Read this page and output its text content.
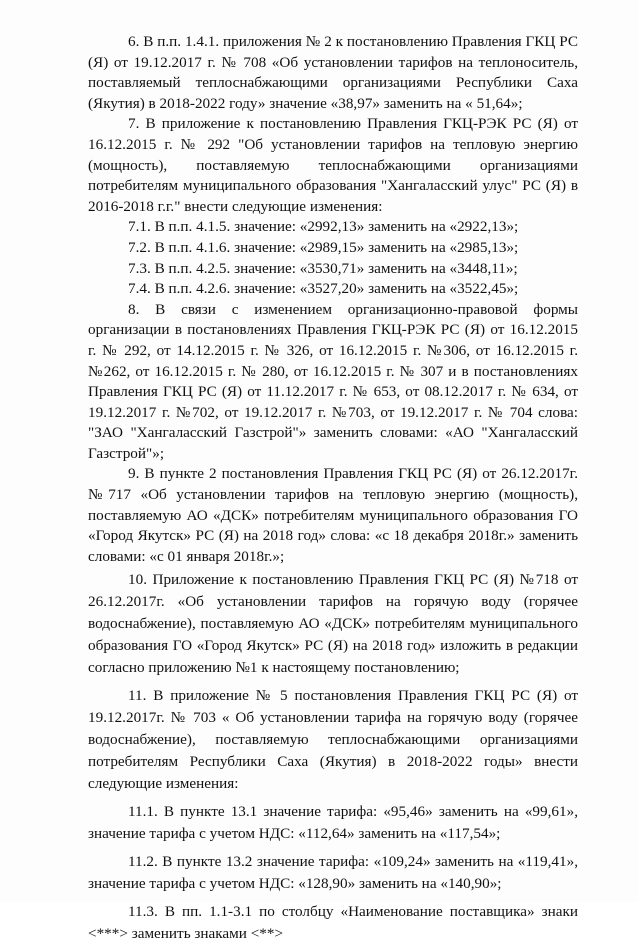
6. В п.п. 1.4.1. приложения № 2 к постановлению Правления ГКЦ РС (Я) от 19.12.2017 г. № 708 «Об установлении тарифов на теплоноситель, поставляемый теплоснабжающими организациями Республики Саха (Якутия) в 2018-2022 году» значение «38,97» заменить на « 51,64»;

7. В приложение к постановлению Правления ГКЦ-РЭК РС (Я) от 16.12.2015 г. № 292 "Об установлении тарифов на тепловую энергию (мощность), поставляемую теплоснабжающими организациями потребителям муниципального образования "Хангаласский улус" РС (Я) в 2016-2018 г.г." внести следующие изменения:

7.1. В п.п. 4.1.5. значение: «2992,13» заменить на «2922,13»;

7.2. В п.п. 4.1.6. значение: «2989,15» заменить на «2985,13»;

7.3. В п.п. 4.2.5. значение: «3530,71» заменить на «3448,11»;

7.4. В п.п. 4.2.6. значение: «3527,20» заменить на «3522,45»;

8. В связи с изменением организационно-правовой формы организации в постановлениях Правления ГКЦ-РЭК РС (Я) от 16.12.2015 г. № 292, от 14.12.2015 г. № 326, от 16.12.2015 г. №306, от 16.12.2015 г. №262, от 16.12.2015 г. № 280, от 16.12.2015 г. № 307 и в постановлениях Правления ГКЦ РС (Я) от 11.12.2017 г. № 653, от 08.12.2017 г. № 634, от 19.12.2017 г. №702, от 19.12.2017 г. №703, от 19.12.2017 г. № 704 слова: "ЗАО "Хангаласский Газстрой"» заменить словами: «АО "Хангаласский Газстрой"»;

9. В пункте 2 постановления Правления ГКЦ РС (Я) от 26.12.2017г. №717 «Об установлении тарифов на тепловую энергию (мощность), поставляемую АО «ДСК» потребителям муниципального образования ГО «Город Якутск» РС (Я) на 2018 год» слова: «с 18 декабря 2018г.» заменить словами: «с 01 января 2018г.»;

10. Приложение к постановлению Правления ГКЦ РС (Я) №718 от 26.12.2017г. «Об установлении тарифов на горячую воду (горячее водоснабжение), поставляемую АО «ДСК» потребителям муниципального образования ГО «Город Якутск» РС (Я) на 2018 год» изложить в редакции согласно приложению №1 к настоящему постановлению;

11. В приложение № 5 постановления Правления ГКЦ РС (Я) от 19.12.2017г. № 703 « Об установлении тарифа на горячую воду (горячее водоснабжение), поставляемую теплоснабжающими организациями потребителям Республики Саха (Якутия) в 2018-2022 годы» внести следующие изменения:

11.1. В пункте 13.1 значение тарифа: «95,46» заменить на «99,61», значение тарифа с учетом НДС: «112,64» заменить на «117,54»;

11.2. В пункте 13.2 значение тарифа: «109,24» заменить на «119,41», значение тарифа с учетом НДС: «128,90» заменить на «140,90»;

11.3. В пп. 1.1-3.1 по столбцу «Наименование поставщика» знаки <***> заменить знаками <**>
